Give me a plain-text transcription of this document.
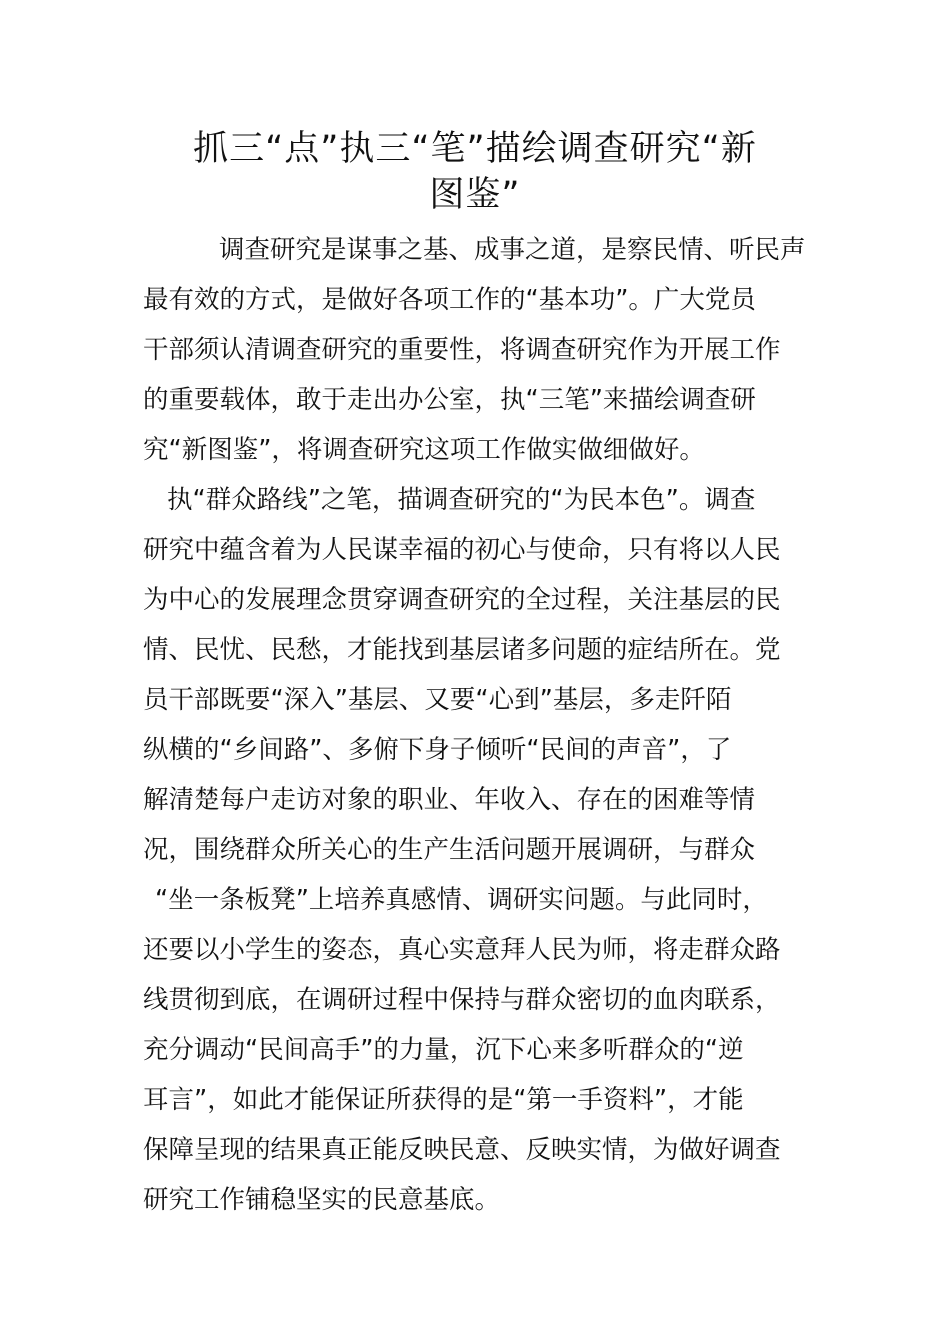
抓三“点”执三“笔”描绘调查研究“新
图鉴”

调查研究是谋事之基、成事之道，是察民情、听民声

最有效的方式，是做好各项工作的“基本功”。广大党员

干部须认清调查研究的重要性，将调查研究作为开展工作

的重要载体，敢于走出办公室，执“三笔”来描绘调查研

究“新图鉴”，将调查研究这项工作做实做细做好。

执“群众路线”之笔，描调查研究的“为民本色”。调查

研究中蕴含着为人民谋幸福的初心与使命，只有将以人民

为中心的发展理念贯穿调查研究的全过程，关注基层的民

情、民忧、民愁，才能找到基层诸多问题的症结所在。党

员干部既要“深入”基层、又要“心到”基层，多走阡陌

纵横的“乡间路”、多俯下身子倾听“民间的声音”，了

解清楚每户走访对象的职业、年收入、存在的困难等情

况，围绕群众所关心的生产生活问题开展调研，与群众

“坐一条板凳”上培养真感情、调研实问题。与此同时，

还要以小学生的姿态，真心实意拜人民为师，将走群众路

线贯彻到底，在调研过程中保持与群众密切的血肉联系，

充分调动“民间高手”的力量，沉下心来多听群众的“逆

耳言”，如此才能保证所获得的是“第一手资料”，才能

保障呈现的结果真正能反映民意、反映实情，为做好调查

研究工作铺稳坚实的民意基底。
